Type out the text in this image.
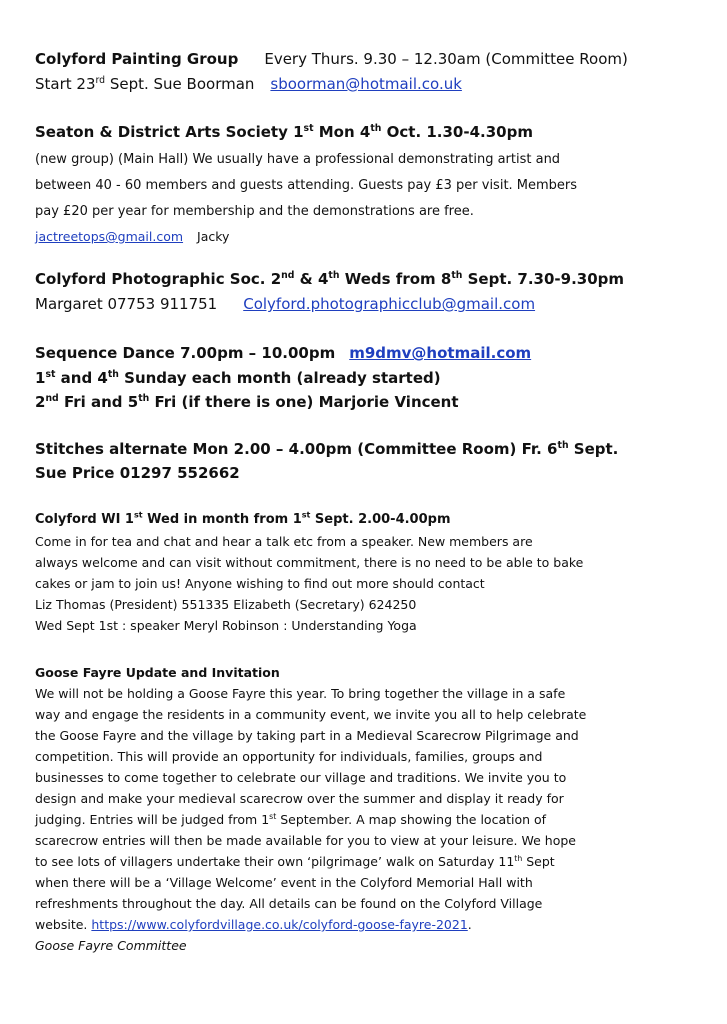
Colyford Painting Group Every Thurs. 9.30 – 12.30am (Committee Room)
Start 23rd Sept. Sue Boorman sboorman@hotmail.co.uk
Seaton & District Arts Society 1st Mon 4th Oct. 1.30-4.30pm
(new group) (Main Hall) We usually have a professional demonstrating artist and
between 40 - 60 members and guests attending. Guests pay £3 per visit. Members
pay £20 per year for membership and the demonstrations are free.
jactreetops@gmail.com Jacky
Colyford Photographic Soc. 2nd & 4th Weds from 8th Sept. 7.30-9.30pm
Margaret 07753 911751 Colyford.photographicclub@gmail.com
Sequence Dance 7.00pm – 10.00pm m9dmv@hotmail.com
1st and 4th Sunday each month (already started)
2nd Fri and 5th Fri (if there is one) Marjorie Vincent
Stitches alternate Mon 2.00 – 4.00pm (Committee Room) Fr. 6th Sept.
Sue Price 01297 552662
Colyford WI 1st Wed in month from 1st Sept. 2.00-4.00pm
Come in for tea and chat and hear a talk etc from a speaker. New members are
always welcome and can visit without commitment, there is no need to be able to bake
cakes or jam to join us! Anyone wishing to find out more should contact
Liz Thomas (President) 551335 Elizabeth (Secretary) 624250
Wed Sept 1st : speaker Meryl Robinson : Understanding Yoga
Goose Fayre Update and Invitation
We will not be holding a Goose Fayre this year. To bring together the village in a safe
way and engage the residents in a community event, we invite you all to help celebrate
the Goose Fayre and the village by taking part in a Medieval Scarecrow Pilgrimage and
competition. This will provide an opportunity for individuals, families, groups and
businesses to come together to celebrate our village and traditions. We invite you to
design and make your medieval scarecrow over the summer and display it ready for
judging. Entries will be judged from 1st September. A map showing the location of
scarecrow entries will then be made available for you to view at your leisure. We hope
to see lots of villagers undertake their own ‘pilgrimage’ walk on Saturday 11th Sept
when there will be a ‘Village Welcome’ event in the Colyford Memorial Hall with
refreshments throughout the day. All details can be found on the Colyford Village
website. https://www.colyfordvillage.co.uk/colyford-goose-fayre-2021.
Goose Fayre Committee
